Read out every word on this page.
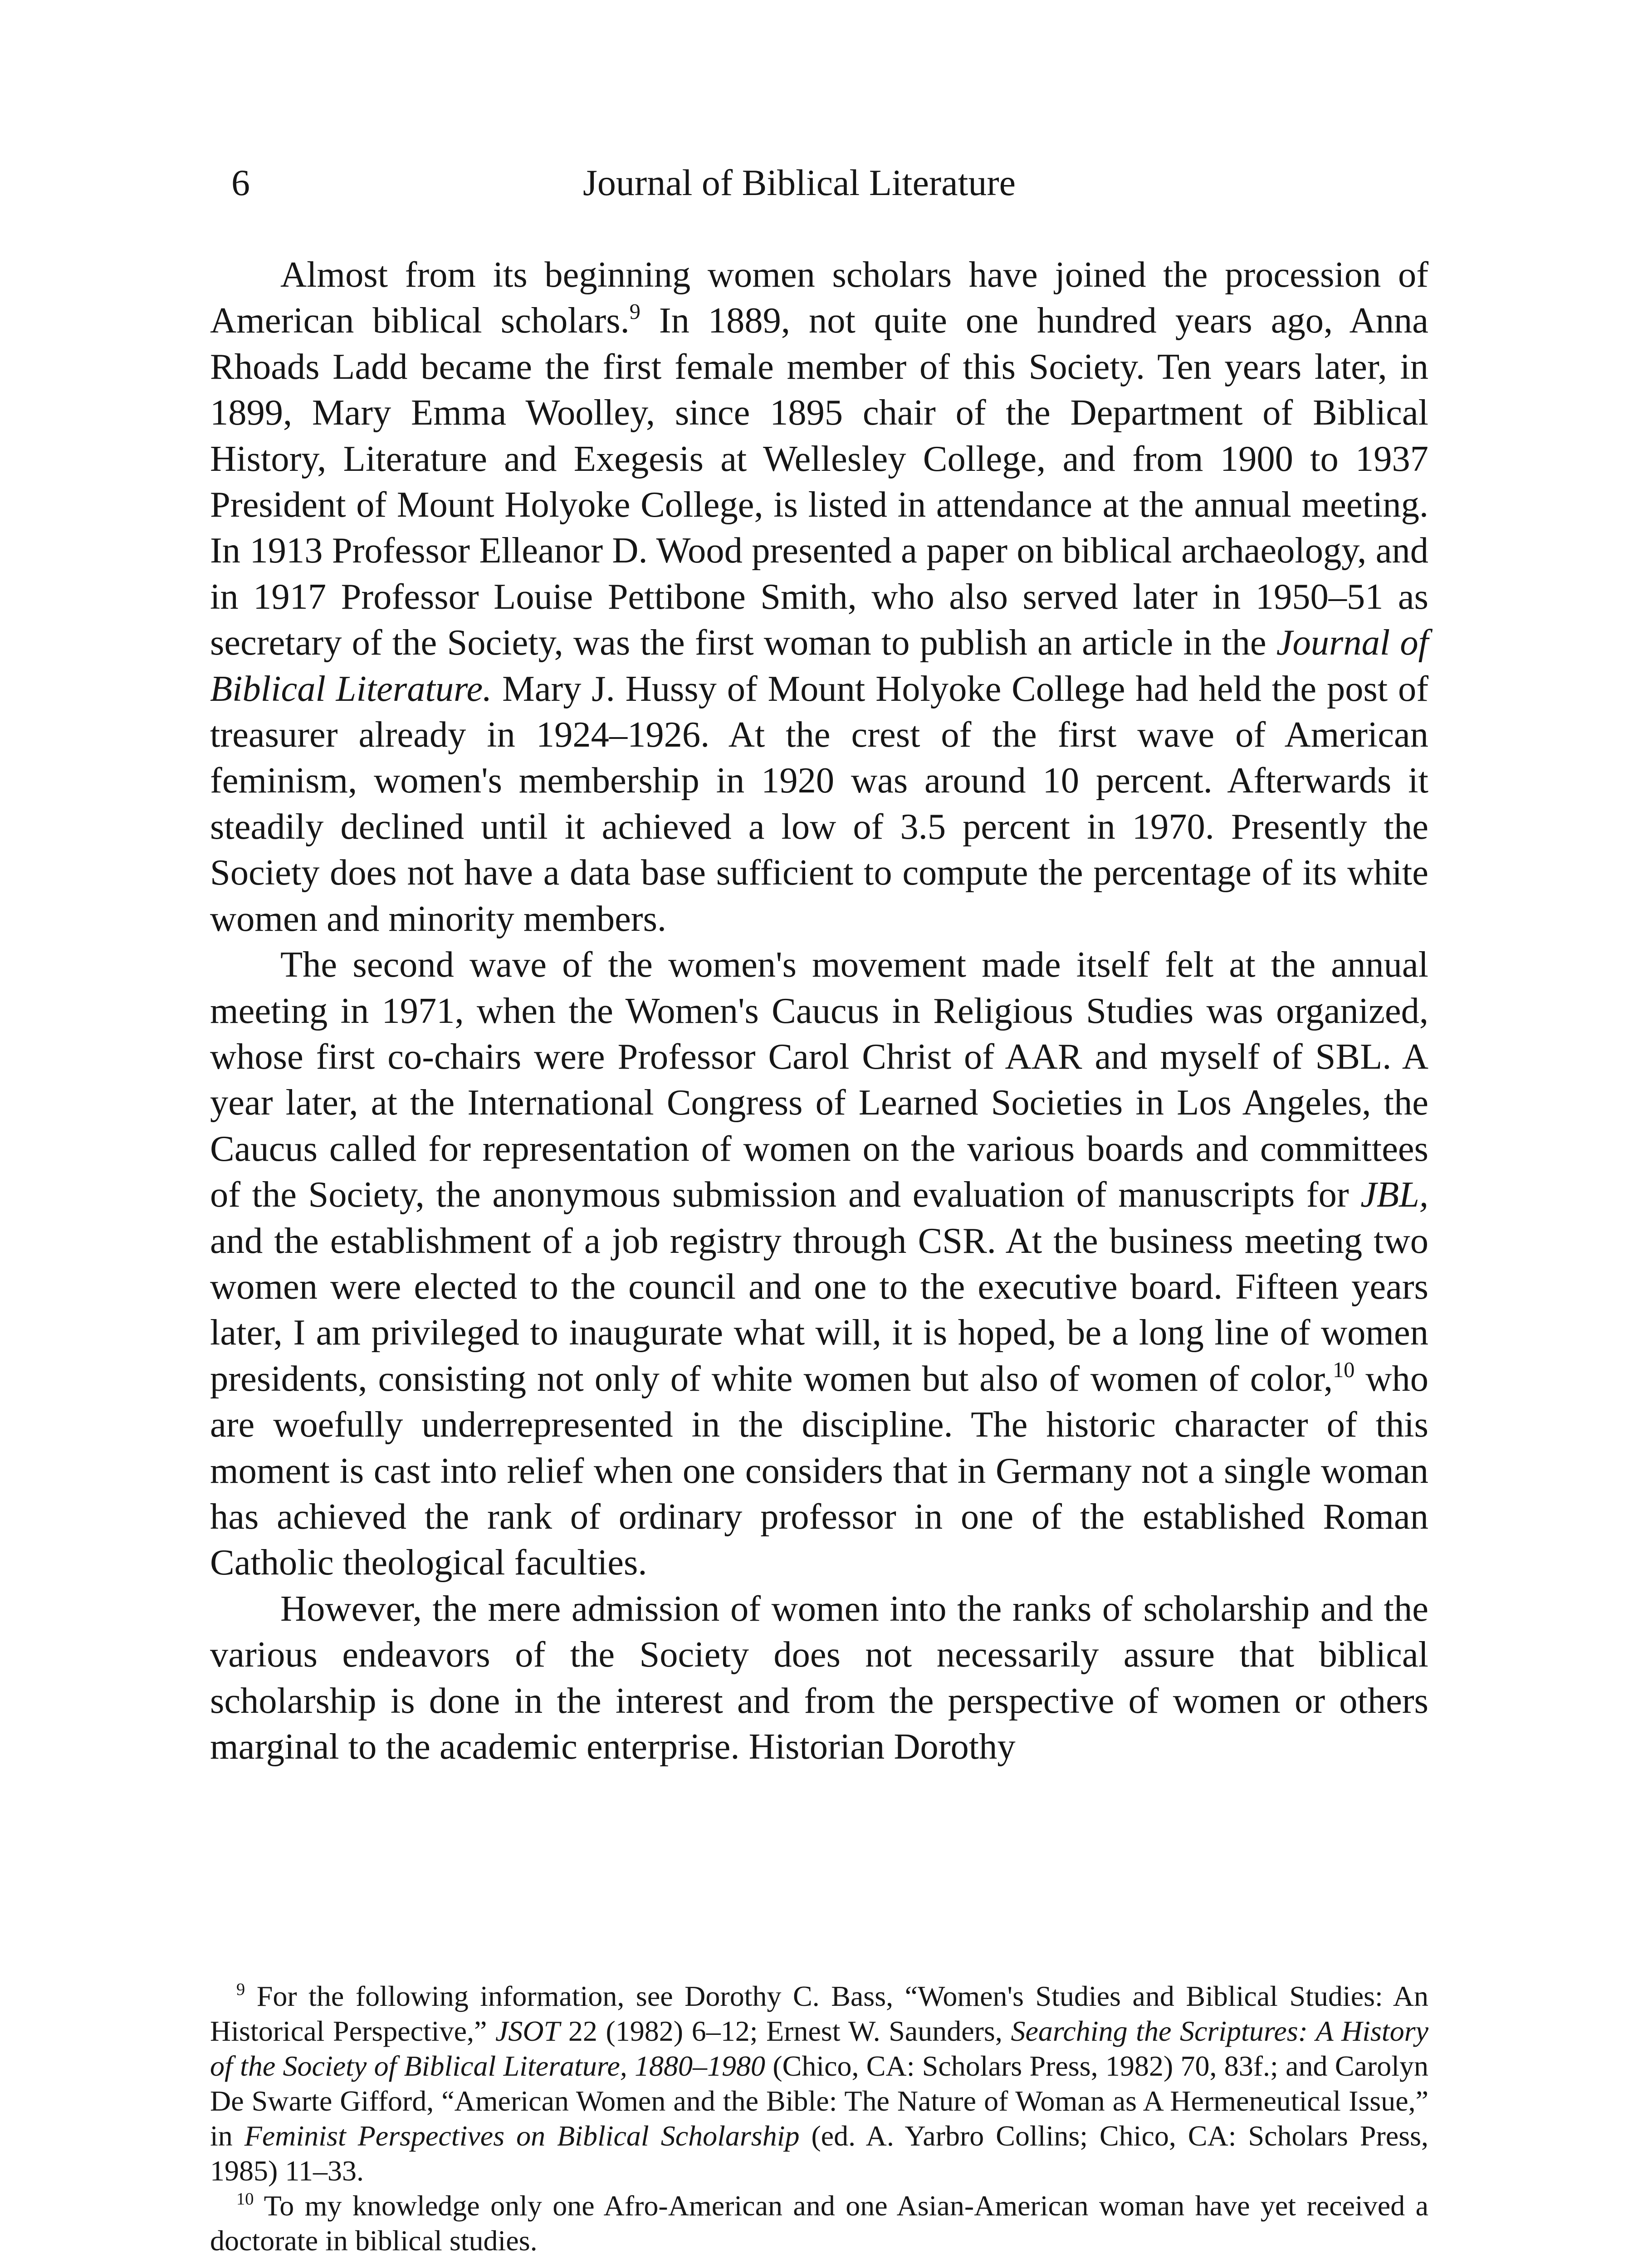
6	Journal of Biblical Literature

Almost from its beginning women scholars have joined the procession of American biblical scholars.$^9$ In 1889, not quite one hundred years ago, Anna Rhoads Ladd became the first female member of this Society. Ten years later, in 1899, Mary Emma Woolley, since 1895 chair of the Department of Biblical History, Literature and Exegesis at Wellesley College, and from 1900 to 1937 President of Mount Holyoke College, is listed in attendance at the annual meeting. In 1913 Professor Elleanor D. Wood presented a paper on biblical archaeology, and in 1917 Professor Louise Pettibone Smith, who also served later in 1950–51 as secretary of the Society, was the first woman to publish an article in the Journal of Biblical Literature. Mary J. Hussy of Mount Holyoke College had held the post of treasurer already in 1924–1926. At the crest of the first wave of American feminism, women's membership in 1920 was around 10 percent. Afterwards it steadily declined until it achieved a low of 3.5 percent in 1970. Presently the Society does not have a data base sufficient to compute the percentage of its white women and minority members.

The second wave of the women's movement made itself felt at the annual meeting in 1971, when the Women's Caucus in Religious Studies was organized, whose first co-chairs were Professor Carol Christ of AAR and myself of SBL. A year later, at the International Congress of Learned Societies in Los Angeles, the Caucus called for representation of women on the various boards and committees of the Society, the anonymous submission and evaluation of manuscripts for JBL, and the establishment of a job registry through CSR. At the business meeting two women were elected to the council and one to the executive board. Fifteen years later, I am privileged to inaugurate what will, it is hoped, be a long line of women presidents, consisting not only of white women but also of women of color,$^{10}$ who are woefully underrepresented in the discipline. The historic character of this moment is cast into relief when one considers that in Germany not a single woman has achieved the rank of ordinary professor in one of the established Roman Catholic theological faculties.

However, the mere admission of women into the ranks of scholarship and the various endeavors of the Society does not necessarily assure that biblical scholarship is done in the interest and from the perspective of women or others marginal to the academic enterprise. Historian Dorothy

$^9$ For the following information, see Dorothy C. Bass, “Women's Studies and Biblical Studies: An Historical Perspective,” JSOT 22 (1982) 6–12; Ernest W. Saunders, Searching the Scriptures: A History of the Society of Biblical Literature, 1880–1980 (Chico, CA: Scholars Press, 1982) 70, 83f.; and Carolyn De Swarte Gifford, “American Women and the Bible: The Nature of Woman as A Hermeneutical Issue,” in Feminist Perspectives on Biblical Scholarship (ed. A. Yarbro Collins; Chico, CA: Scholars Press, 1985) 11–33.

$^{10}$ To my knowledge only one Afro-American and one Asian-American woman have yet received a doctorate in biblical studies.
